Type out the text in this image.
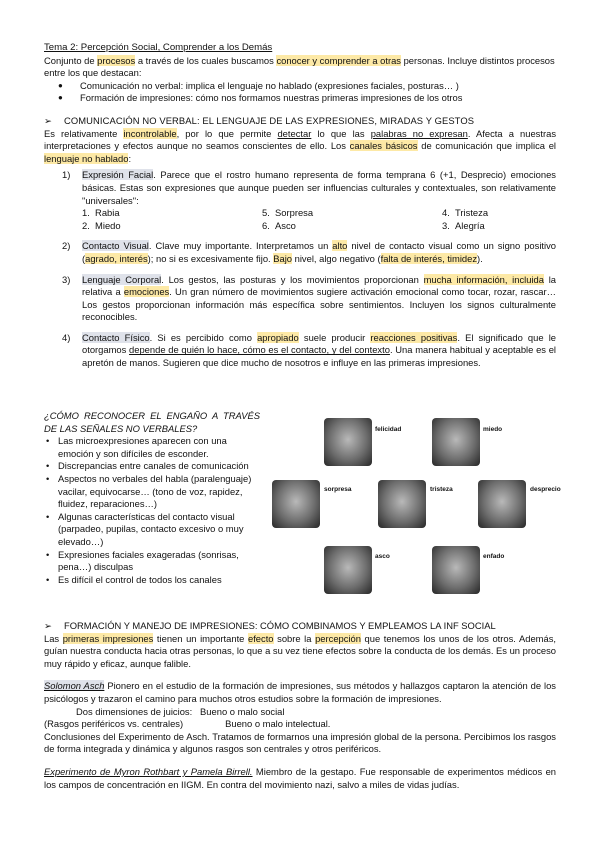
Tema 2: Percepción Social, Comprender a los Demás

Conjunto de procesos a través de los cuales buscamos conocer y comprender a otras personas. Incluye distintos procesos entre los que destacan:

● Comunicación no verbal: implica el lenguaje no hablado (expresiones faciales, posturas… )
● Formación de impresiones: cómo nos formamos nuestras primeras impresiones de los otros

➢ COMUNICACIÓN NO VERBAL: EL LENGUAJE DE LAS EXPRESIONES, MIRADAS Y GESTOS

Es relativamente incontrolable, por lo que permite detectar lo que las palabras no expresan. Afecta a nuestras interpretaciones y efectos aunque no seamos conscientes de ello. Los canales básicos de comunicación que implica el lenguaje no hablado:

1)	Expresión Facial. Parece que el rostro humano representa de forma temprana 6 (+1, Desprecio) emociones básicas. Estas son expresiones que aunque pueden ser influencias culturales y contextuales, son relativamente "universales":
1. Rabia	5. Sorpresa	4. Tristeza
2. Miedo	6. Asco	3. Alegría
2)	Contacto Visual. Clave muy importante. Interpretamos un alto nivel de contacto visual como un signo positivo (agrado, interés); no si es excesivamente fijo. Bajo nivel, algo negativo (falta de interés, timidez).
3)	Lenguaje Corporal. Los gestos, las posturas y los movimientos proporcionan mucha información, incluida la relativa a emociones. Un gran número de movimientos sugiere activación emocional como tocar, rozar, rascar… Los gestos proporcionan información más específica sobre sentimientos. Incluyen los signos culturalmente reconocibles.
4)	Contacto Físico. Si es percibido como apropiado suele producir reacciones positivas. El significado que le otorgamos depende de quién lo hace, cómo es el contacto, y del contexto. Una manera habitual y aceptable es el apretón de manos. Sugieren que dice mucho de nosotros e influye en las primeras impresiones.

¿CÓMO RECONOCER EL ENGAÑO A TRAVÉS DE LAS SEÑALES NO VERBALES?

• Las microexpresiones aparecen con una emoción y son difíciles de esconder.
• Discrepancias entre canales de comunicación
• Aspectos no verbales del habla (paralenguaje) vacilar, equivocarse… (tono de voz, rapidez, fluidez, reparaciones…)
• Algunas características del contacto visual (parpadeo, pupilas, contacto excesivo o muy elevado…)
• Expresiones faciales exageradas (sonrisas, pena…) disculpas
• Es difícil el control de todos los canales
felicidad	miedo
sorpresa	tristeza	desprecio
asco	enfado

➢ FORMACIÓN Y MANEJO DE IMPRESIONES: CÓMO COMBINAMOS Y EMPLEAMOS LA INF SOCIAL

Las primeras impresiones tienen un importante efecto sobre la percepción que tenemos los unos de los otros. Además, guían nuestra conducta hacia otras personas, lo que a su vez tiene efectos sobre la conducta de los demás. Es un proceso muy rápido y eficaz, aunque falible.

Solomon Asch Pionero en el estudio de la formación de impresiones, sus métodos y hallazgos captaron la atención de los psicólogos y trazaron el camino para muchos otros estudios sobre la formación de impresiones.

Dos dimensiones de juicios: Bueno o malo social

(Rasgos periféricos vs. centrales)	Bueno o malo intelectual.

Conclusiones del Experimento de Asch. Tratamos de formarnos una impresión global de la persona. Percibimos los rasgos de forma integrada y dinámica y algunos rasgos son centrales y otros periféricos.

Experimento de Myron Rothbart y Pamela Birrell. Miembro de la gestapo. Fue responsable de experimentos médicos en los campos de concentración en IIGM. En contra del movimiento nazi, salvo a miles de vidas judías.
